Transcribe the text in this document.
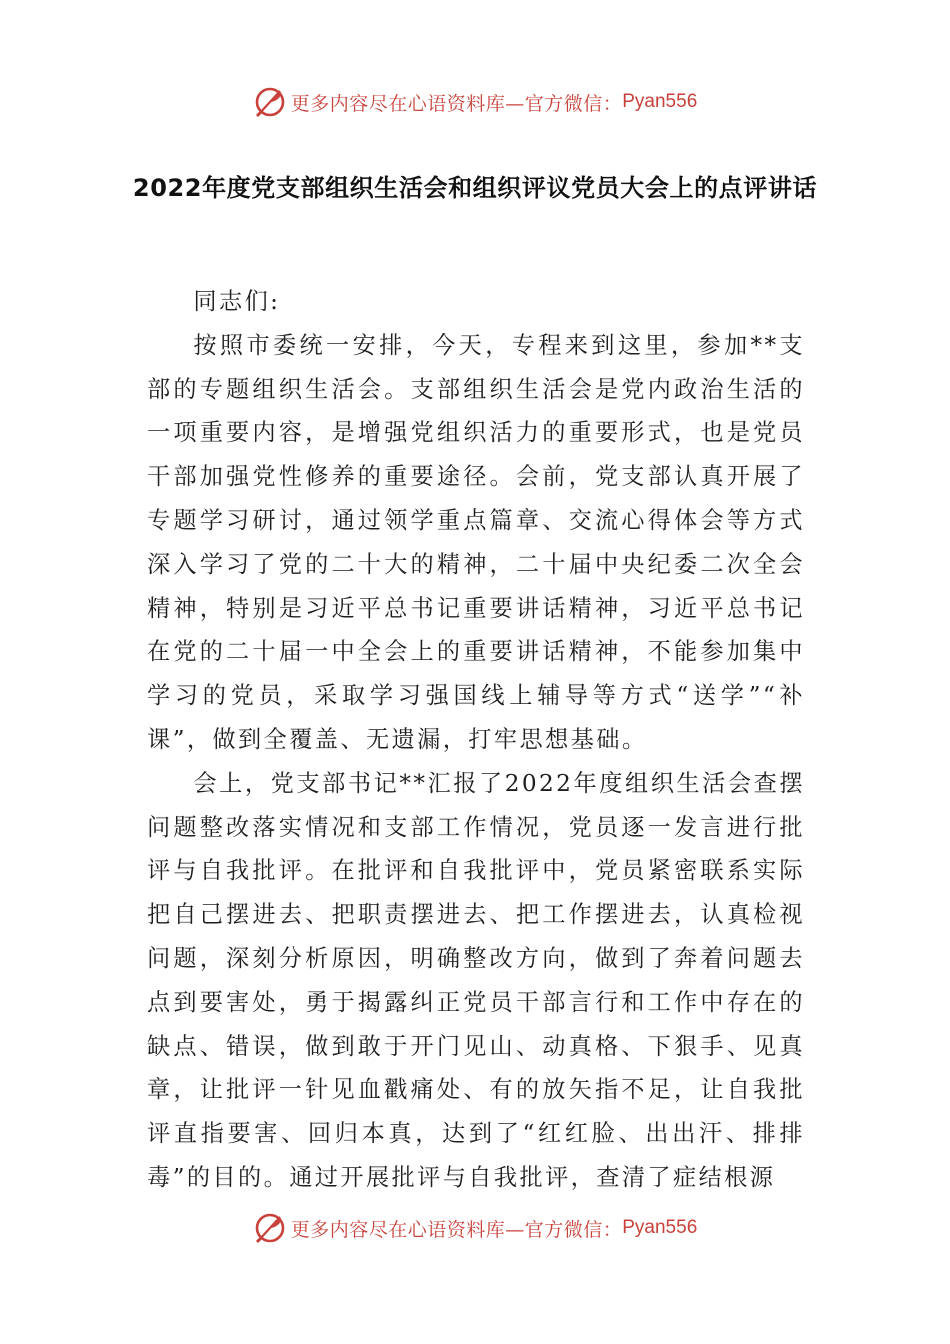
更多内容尽在心语资料库—官方微信： Pyan556
2022年度党支部组织生活会和组织评议党员大会上的点评讲话

同志们:

按照市委统一安排，今天，专程来到这里，参加**支部的专题组织生活会。支部组织生活会是党内政治生活的一项重要内容，是增强党组织活力的重要形式，也是党员干部加强党性修养的重要途径。会前，党支部认真开展了专题学习研讨，通过领学重点篇章、交流心得体会等方式深入学习了党的二十大的精神，二十届中央纪委二次全会精神，特别是习近平总书记重要讲话精神，习近平总书记在党的二十届一中全会上的重要讲话精神，不能参加集中学习的党员，采取学习强国线上辅导等方式“送学”“补课”，做到全覆盖、无遗漏，打牢思想基础。

会上，党支部书记**汇报了2022年度组织生活会查摆问题整改落实情况和支部工作情况，党员逐一发言进行批评与自我批评。在批评和自我批评中，党员紧密联系实际把自己摆进去、把职责摆进去、把工作摆进去，认真检视问题，深刻分析原因，明确整改方向，做到了奔着问题去点到要害处，勇于揭露纠正党员干部言行和工作中存在的缺点、错误，做到敢于开门见山、动真格、下狠手、见真章，让批评一针见血戳痛处、有的放矢指不足，让自我批评直指要害、回归本真，达到了“红红脸、出出汗、排排毒”的目的。通过开展批评与自我批评，查清了症结根源

更多内容尽在心语资料库—官方微信： Pyan556
